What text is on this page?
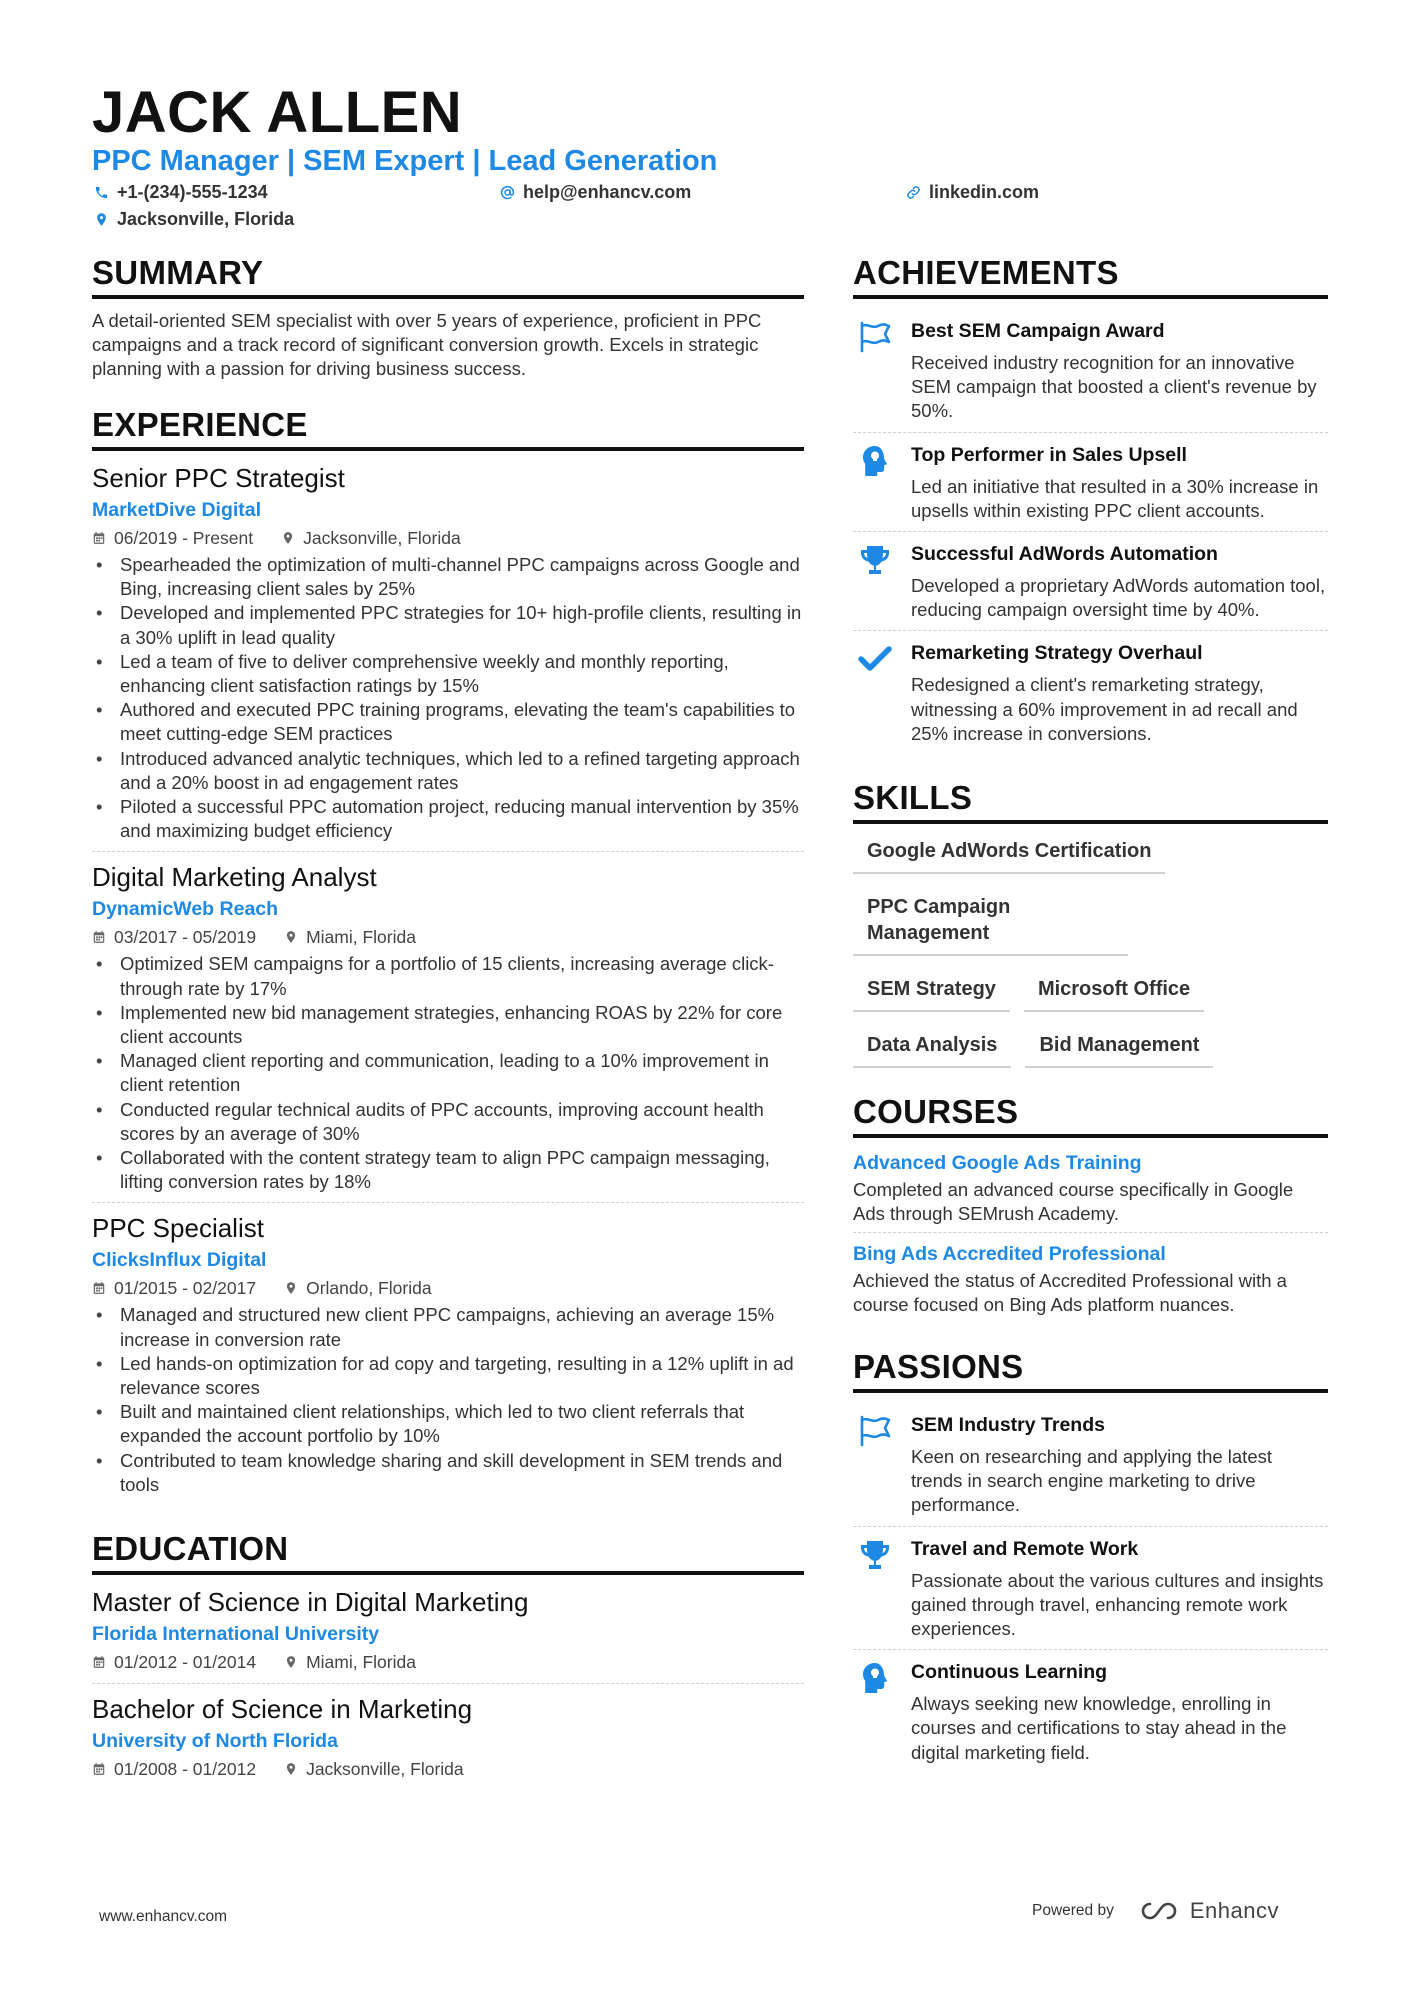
JACK ALLEN
PPC Manager | SEM Expert | Lead Generation
+1-(234)-555-1234	help@enhancv.com	linkedin.com
Jacksonville, Florida
SUMMARY

A detail-oriented SEM specialist with over 5 years of experience, proficient in PPC campaigns and a track record of significant conversion growth. Excels in strategic planning with a passion for driving business success.

EXPERIENCE
Senior PPC Strategist
MarketDive Digital
06/2019 - Present	Jacksonville, Florida
• Spearheaded the optimization of multi-channel PPC campaigns across Google and Bing, increasing client sales by 25%
• Developed and implemented PPC strategies for 10+ high-profile clients, resulting in a 30% uplift in lead quality
• Led a team of five to deliver comprehensive weekly and monthly reporting, enhancing client satisfaction ratings by 15%
• Authored and executed PPC training programs, elevating the team's capabilities to meet cutting-edge SEM practices
• Introduced advanced analytic techniques, which led to a refined targeting approach and a 20% boost in ad engagement rates
• Piloted a successful PPC automation project, reducing manual intervention by 35% and maximizing budget efficiency
Digital Marketing Analyst
DynamicWeb Reach
03/2017 - 05/2019	Miami, Florida
• Optimized SEM campaigns for a portfolio of 15 clients, increasing average click-through rate by 17%
• Implemented new bid management strategies, enhancing ROAS by 22% for core client accounts
• Managed client reporting and communication, leading to a 10% improvement in client retention
• Conducted regular technical audits of PPC accounts, improving account health scores by an average of 30%
• Collaborated with the content strategy team to align PPC campaign messaging, lifting conversion rates by 18%
PPC Specialist
ClicksInflux Digital
01/2015 - 02/2017	Orlando, Florida
• Managed and structured new client PPC campaigns, achieving an average 15% increase in conversion rate
• Led hands-on optimization for ad copy and targeting, resulting in a 12% uplift in ad relevance scores
• Built and maintained client relationships, which led to two client referrals that expanded the account portfolio by 10%
• Contributed to team knowledge sharing and skill development in SEM trends and tools
EDUCATION
Master of Science in Digital Marketing
Florida International University
01/2012 - 01/2014	Miami, Florida
Bachelor of Science in Marketing
University of North Florida
01/2008 - 01/2012	Jacksonville, Florida
ACHIEVEMENTS
Best SEM Campaign Award
Received industry recognition for an innovative SEM campaign that boosted a client's revenue by 50%.
Top Performer in Sales Upsell
Led an initiative that resulted in a 30% increase in upsells within existing PPC client accounts.
Successful AdWords Automation
Developed a proprietary AdWords automation tool, reducing campaign oversight time by 40%.
Remarketing Strategy Overhaul
Redesigned a client's remarketing strategy, witnessing a 60% improvement in ad recall and 25% increase in conversions.
SKILLS
Google AdWords Certification
PPC Campaign Management
SEM Strategy	Microsoft Office
Data Analysis	Bid Management
COURSES
Advanced Google Ads Training
Completed an advanced course specifically in Google Ads through SEMrush Academy.
Bing Ads Accredited Professional
Achieved the status of Accredited Professional with a course focused on Bing Ads platform nuances.
PASSIONS
SEM Industry Trends
Keen on researching and applying the latest trends in search engine marketing to drive performance.
Travel and Remote Work
Passionate about the various cultures and insights gained through travel, enhancing remote work experiences.
Continuous Learning
Always seeking new knowledge, enrolling in courses and certifications to stay ahead in the digital marketing field.
www.enhancv.com	Powered by	Enhancv
